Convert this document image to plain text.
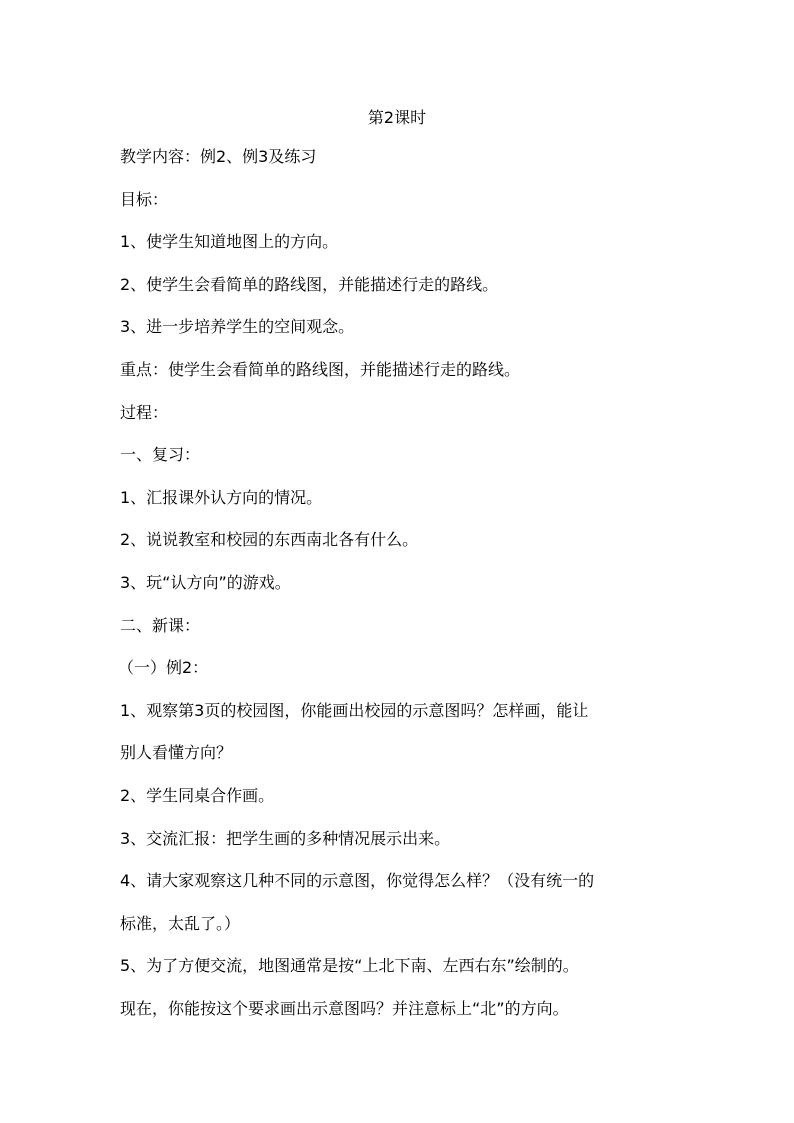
第2课时
教学内容：例2、例3及练习
目标：
1、使学生知道地图上的方向。
2、使学生会看简单的路线图，并能描述行走的路线。
3、进一步培养学生的空间观念。
重点：使学生会看简单的路线图，并能描述行走的路线。
过程：
一、复习：
1、汇报课外认方向的情况。
2、说说教室和校园的东西南北各有什么。
3、玩“认方向”的游戏。
二、新课：
（一）例2：
1、观察第3页的校园图，你能画出校园的示意图吗？怎样画，能让
别人看懂方向？
2、学生同桌合作画。
3、交流汇报：把学生画的多种情况展示出来。
4、请大家观察这几种不同的示意图，你觉得怎么样？（没有统一的
标准，太乱了。）
5、为了方便交流，地图通常是按“上北下南、左西右东”绘制的。
现在，你能按这个要求画出示意图吗？并注意标上“北”的方向。
